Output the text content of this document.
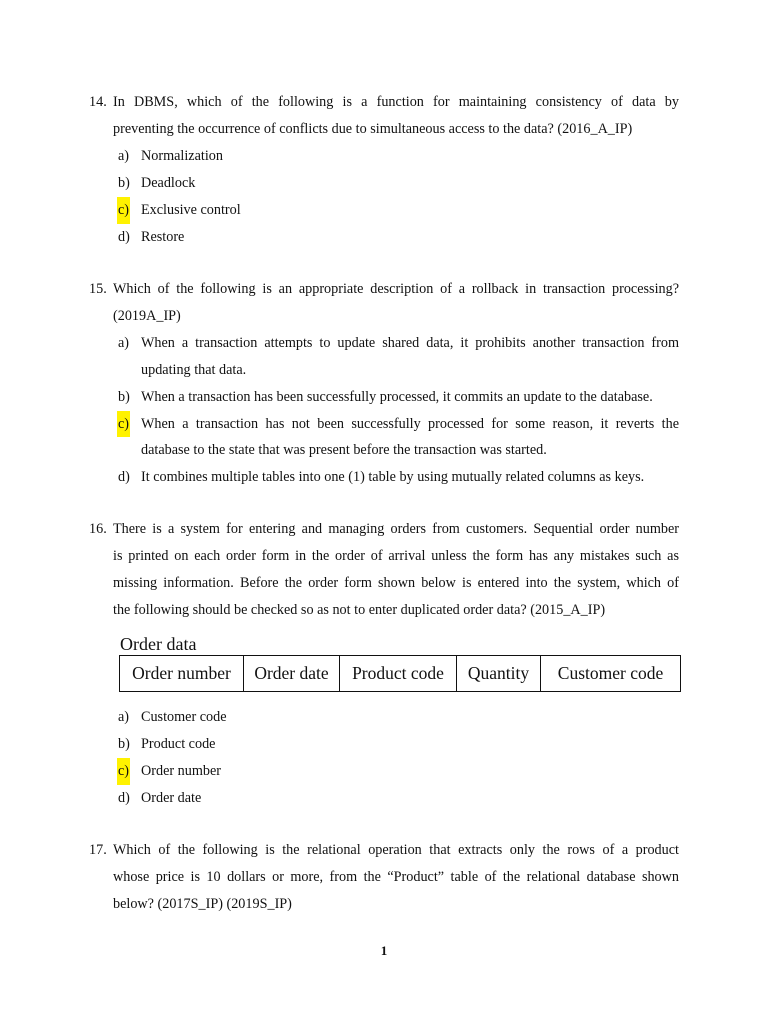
14. In DBMS, which of the following is a function for maintaining consistency of data by
preventing the occurrence of conflicts due to simultaneous access to the data? (2016_A_IP)
a) Normalization
b) Deadlock
c) Exclusive control
d) Restore
15. Which of the following is an appropriate description of a rollback in transaction processing?
(2019A_IP)
a) When a transaction attempts to update shared data, it prohibits another transaction from
updating that data.
b) When a transaction has been successfully processed, it commits an update to the database.
c) When a transaction has not been successfully processed for some reason, it reverts the
database to the state that was present before the transaction was started.
d) It combines multiple tables into one (1) table by using mutually related columns as keys.
16. There is a system for entering and managing orders from customers. Sequential order number
is printed on each order form in the order of arrival unless the form has any mistakes such as
missing information. Before the order form shown below is entered into the system, which of
the following should be checked so as not to enter duplicated order data? (2015_A_IP)
Order data
Order number	Order date	Product code	Quantity	Customer code
a) Customer code
b) Product code
c) Order number
d) Order date
17. Which of the following is the relational operation that extracts only the rows of a product
whose price is 10 dollars or more, from the “Product” table of the relational database shown
below? (2017S_IP) (2019S_IP)
1
